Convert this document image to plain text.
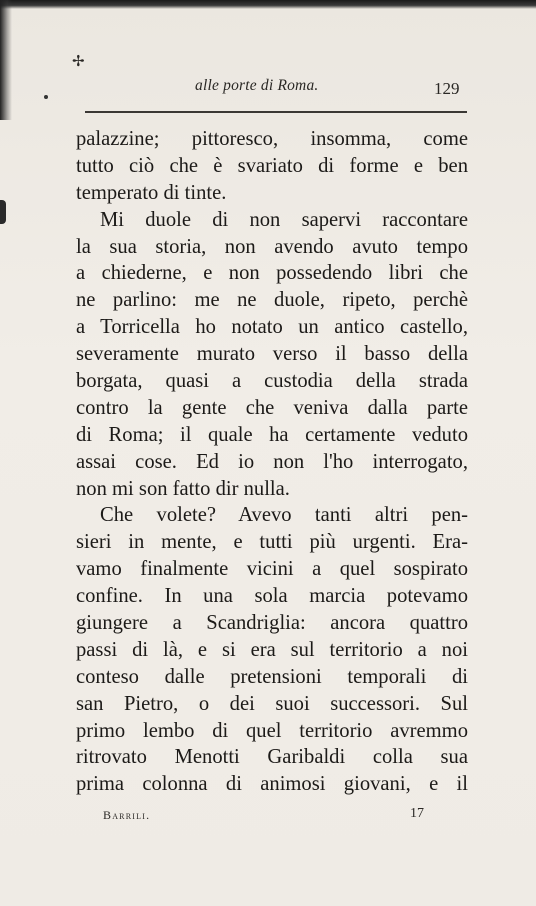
✢
alle porte di Roma.	129
palazzine; pittoresco, insomma, come
tutto ciò che è svariato di forme e ben
temperato di tinte.
Mi duole di non sapervi raccontare
la sua storia, non avendo avuto tempo
a chiederne, e non possedendo libri che
ne parlino: me ne duole, ripeto, perchè
a Torricella ho notato un antico castello,
severamente murato verso il basso della
borgata, quasi a custodia della strada
contro la gente che veniva dalla parte
di Roma; il quale ha certamente veduto
assai cose. Ed io non l'ho interrogato,
non mi son fatto dir nulla.
Che volete? Avevo tanti altri pen-
sieri in mente, e tutti più urgenti. Era-
vamo finalmente vicini a quel sospirato
confine. In una sola marcia potevamo
giungere a Scandriglia: ancora quattro
passi di là, e si era sul territorio a noi
conteso dalle pretensioni temporali di
san Pietro, o dei suoi successori. Sul
primo lembo di quel territorio avremmo
ritrovato Menotti Garibaldi colla sua
prima colonna di animosi giovani, e il
Barrili.	17
